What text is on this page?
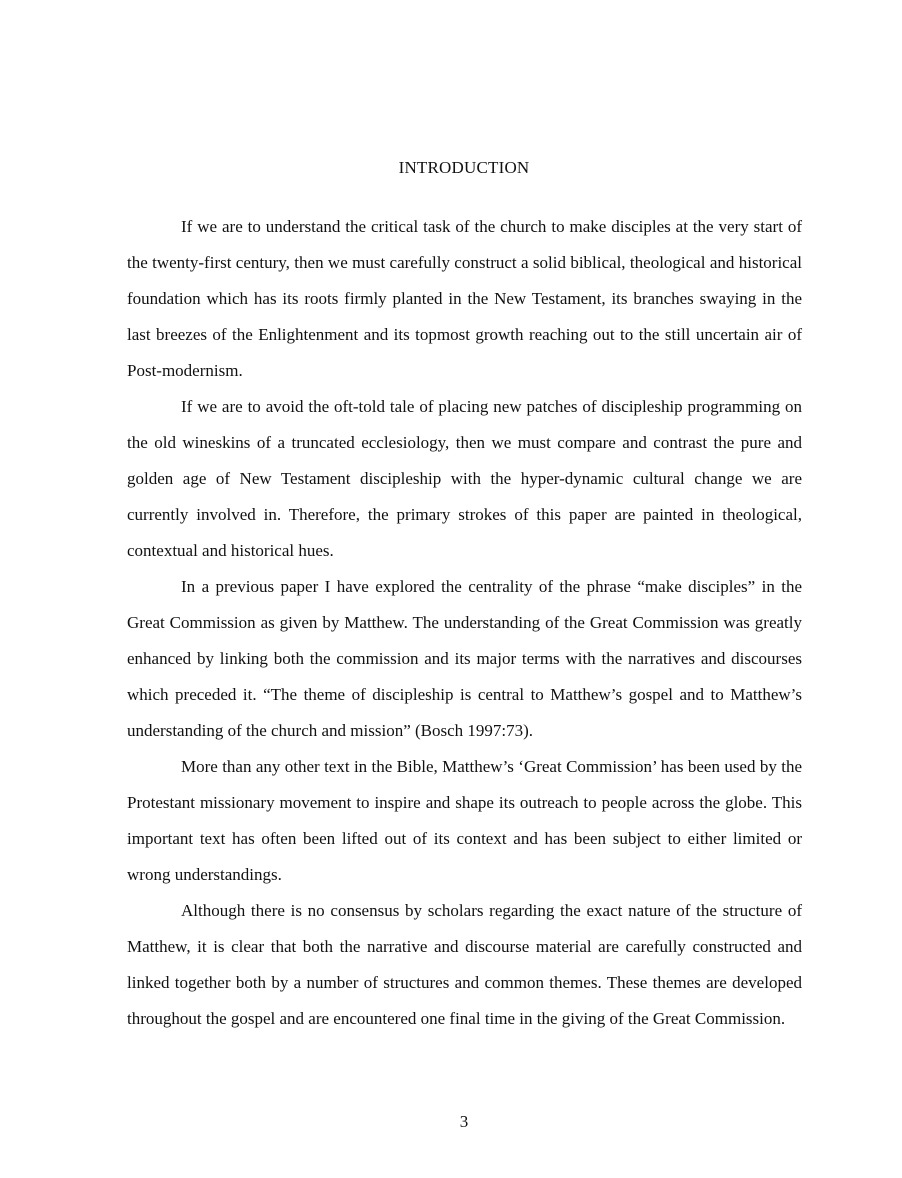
INTRODUCTION

If we are to understand the critical task of the church to make disciples at the very start of the twenty-first century, then we must carefully construct a solid biblical, theological and historical foundation which has its roots firmly planted in the New Testament, its branches swaying in the last breezes of the Enlightenment and its topmost growth reaching out to the still uncertain air of Post-modernism.

If we are to avoid the oft-told tale of placing new patches of discipleship programming on the old wineskins of a truncated ecclesiology, then we must compare and contrast the pure and golden age of New Testament discipleship with the hyper-dynamic cultural change we are currently involved in. Therefore, the primary strokes of this paper are painted in theological, contextual and historical hues.

In a previous paper I have explored the centrality of the phrase “make disciples” in the Great Commission as given by Matthew. The understanding of the Great Commission was greatly enhanced by linking both the commission and its major terms with the narratives and discourses which preceded it. “The theme of discipleship is central to Matthew’s gospel and to Matthew’s understanding of the church and mission” (Bosch 1997:73).

More than any other text in the Bible, Matthew’s ‘Great Commission’ has been used by the Protestant missionary movement to inspire and shape its outreach to people across the globe. This important text has often been lifted out of its context and has been subject to either limited or wrong understandings.

Although there is no consensus by scholars regarding the exact nature of the structure of Matthew, it is clear that both the narrative and discourse material are carefully constructed and linked together both by a number of structures and common themes. These themes are developed throughout the gospel and are encountered one final time in the giving of the Great Commission.

3
